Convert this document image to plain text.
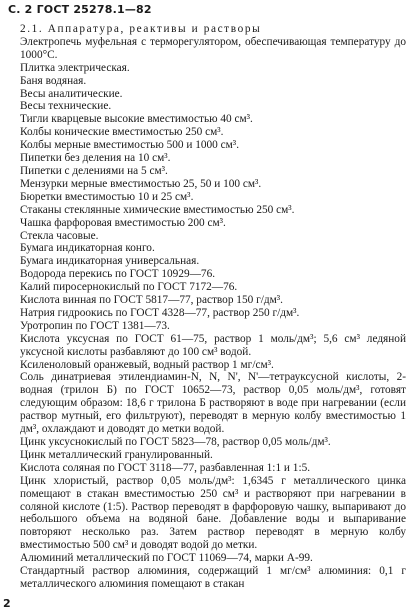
С. 2 ГОСТ 25278.1—82

2.1. Аппаратура, реактивы и растворы

Электропечь муфельная с терморегулятором, обеспечивающая температуру до 1000°С.

Плитка электрическая.

Баня водяная.

Весы аналитические.

Весы технические.

Тигли кварцевые высокие вместимостью 40 см³.

Колбы конические вместимостью 250 см³.

Колбы мерные вместимостью 500 и 1000 см³.

Пипетки без деления на 10 см³.

Пипетки с делениями на 5 см³.

Мензурки мерные вместимостью 25, 50 и 100 см³.

Бюретки вместимостью 10 и 25 см³.

Стаканы стеклянные химические вместимостью 250 см³.

Чашка фарфоровая вместимостью 200 см³.

Стекла часовые.

Бумага индикаторная конго.

Бумага индикаторная универсальная.

Водорода перекись по ГОСТ 10929—76.

Калий пиросернокислый по ГОСТ 7172—76.

Кислота винная по ГОСТ 5817—77, раствор 150 г/дм³.

Натрия гидроокись по ГОСТ 4328—77, раствор 250 г/дм³.

Уротропин по ГОСТ 1381—73.

Кислота уксусная по ГОСТ 61—75, раствор 1 моль/дм³; 5,6 см³ ледяной уксусной кислоты разбавляют до 100 см³ водой.

Ксиленоловый оранжевый, водный раствор 1 мг/см³.

Соль динатриевая этилендиамин-N, N, N', N'—тетрауксусной кислоты, 2-водная (трилон Б) по ГОСТ 10652—73, раствор 0,05 моль/дм³, готовят следующим образом: 18,6 г трилона Б растворяют в воде при нагревании (если раствор мутный, его фильтруют), переводят в мерную колбу вместимостью 1 дм³, охлаждают и доводят до метки водой.

Цинк уксуснокислый по ГОСТ 5823—78, раствор 0,05 моль/дм³.

Цинк металлический гранулированный.

Кислота соляная по ГОСТ 3118—77, разбавленная 1:1 и 1:5.

Цинк хлористый, раствор 0,05 моль/дм³: 1,6345 г металлического цинка помещают в стакан вместимостью 250 см³ и растворяют при нагревании в соляной кислоте (1:5). Раствор переводят в фарфоровую чашку, выпаривают до небольшого объема на водяной бане. Добавление воды и выпаривание повторяют несколько раз. Затем раствор переводят в мерную колбу вместимостью 500 см³ и доводят водой до метки.

Алюминий металлический по ГОСТ 11069—74, марки А-99.

Стандартный раствор алюминия, содержащий 1 мг/см³ алюминия: 0,1 г металлического алюминия помещают в стакан

2
